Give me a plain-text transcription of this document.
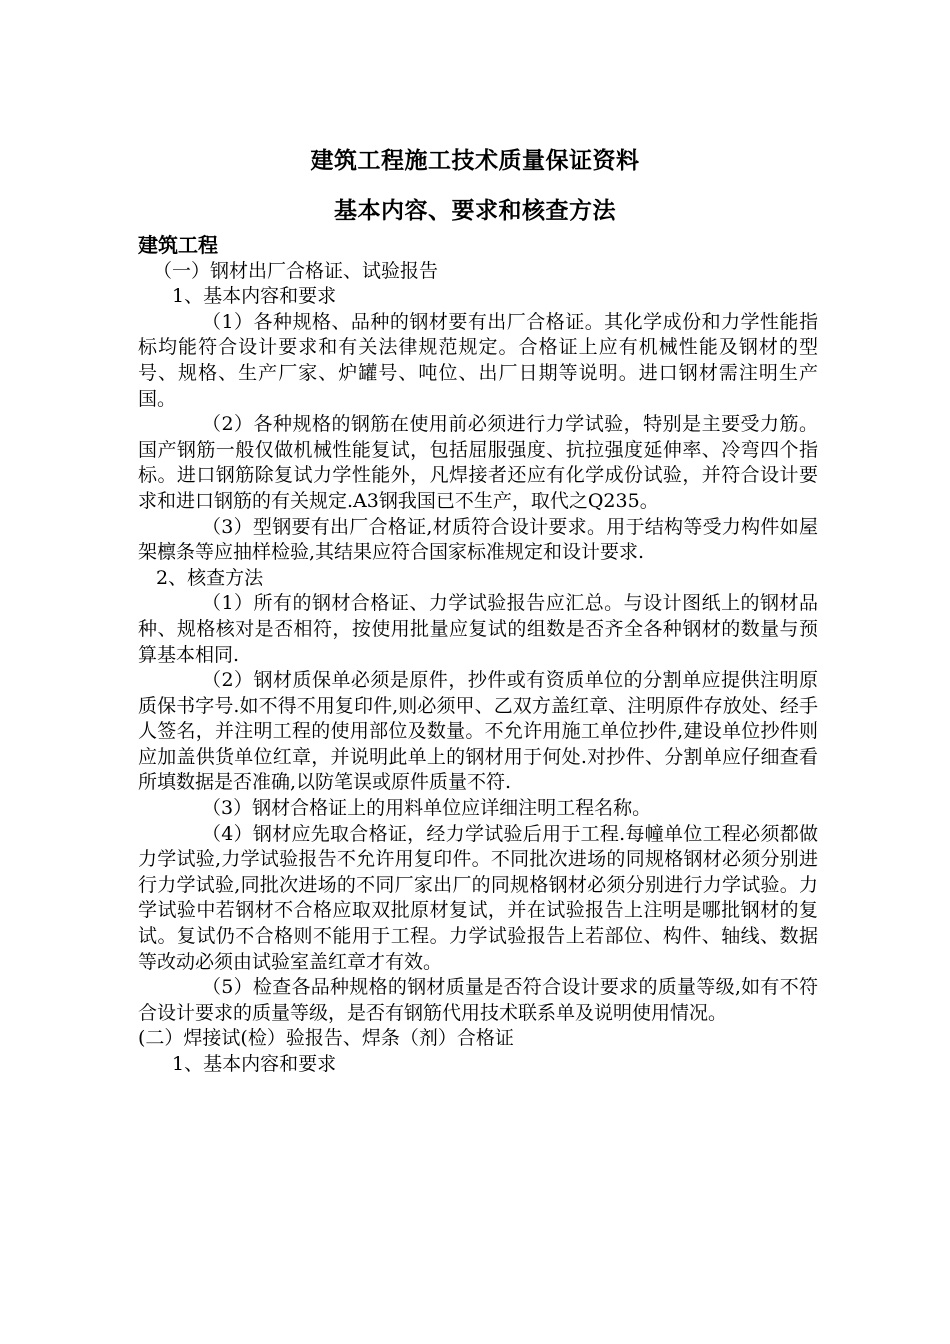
建筑工程施工技术质量保证资料
基本内容、要求和核查方法

建筑工程

（一）钢材出厂合格证、试验报告

1、基本内容和要求

（1）各种规格、品种的钢材要有出厂合格证。其化学成份和力学性能指标均能符合设计要求和有关法律规范规定。合格证上应有机械性能及钢材的型号、规格、生产厂家、炉罐号、吨位、出厂日期等说明。进口钢材需注明生产国。

（2）各种规格的钢筋在使用前必须进行力学试验，特别是主要受力筋。国产钢筋一般仅做机械性能复试，包括屈服强度、抗拉强度延伸率、冷弯四个指标。进口钢筋除复试力学性能外，凡焊接者还应有化学成份试验，并符合设计要求和进口钢筋的有关规定.A3钢我国已不生产，取代之Q235。

（3）型钢要有出厂合格证,材质符合设计要求。用于结构等受力构件如屋架檩条等应抽样检验,其结果应符合国家标准规定和设计要求.

2、核查方法

（1）所有的钢材合格证、力学试验报告应汇总。与设计图纸上的钢材品种、规格核对是否相符，按使用批量应复试的组数是否齐全各种钢材的数量与预算基本相同.

（2）钢材质保单必须是原件，抄件或有资质单位的分割单应提供注明原质保书字号.如不得不用复印件,则必须甲、乙双方盖红章、注明原件存放处、经手人签名，并注明工程的使用部位及数量。不允许用施工单位抄件,建设单位抄件则应加盖供货单位红章，并说明此单上的钢材用于何处.对抄件、分割单应仔细查看所填数据是否准确,以防笔误或原件质量不符.

（3）钢材合格证上的用料单位应详细注明工程名称。

（4）钢材应先取合格证，经力学试验后用于工程.每幢单位工程必须都做力学试验,力学试验报告不允许用复印件。不同批次进场的同规格钢材必须分别进行力学试验,同批次进场的不同厂家出厂的同规格钢材必须分别进行力学试验。力学试验中若钢材不合格应取双批原材复试，并在试验报告上注明是哪批钢材的复试。复试仍不合格则不能用于工程。力学试验报告上若部位、构件、轴线、数据等改动必须由试验室盖红章才有效。

（5）检查各品种规格的钢材质量是否符合设计要求的质量等级,如有不符合设计要求的质量等级，是否有钢筋代用技术联系单及说明使用情况。

(二）焊接试(检）验报告、焊条（剂）合格证

1、基本内容和要求
